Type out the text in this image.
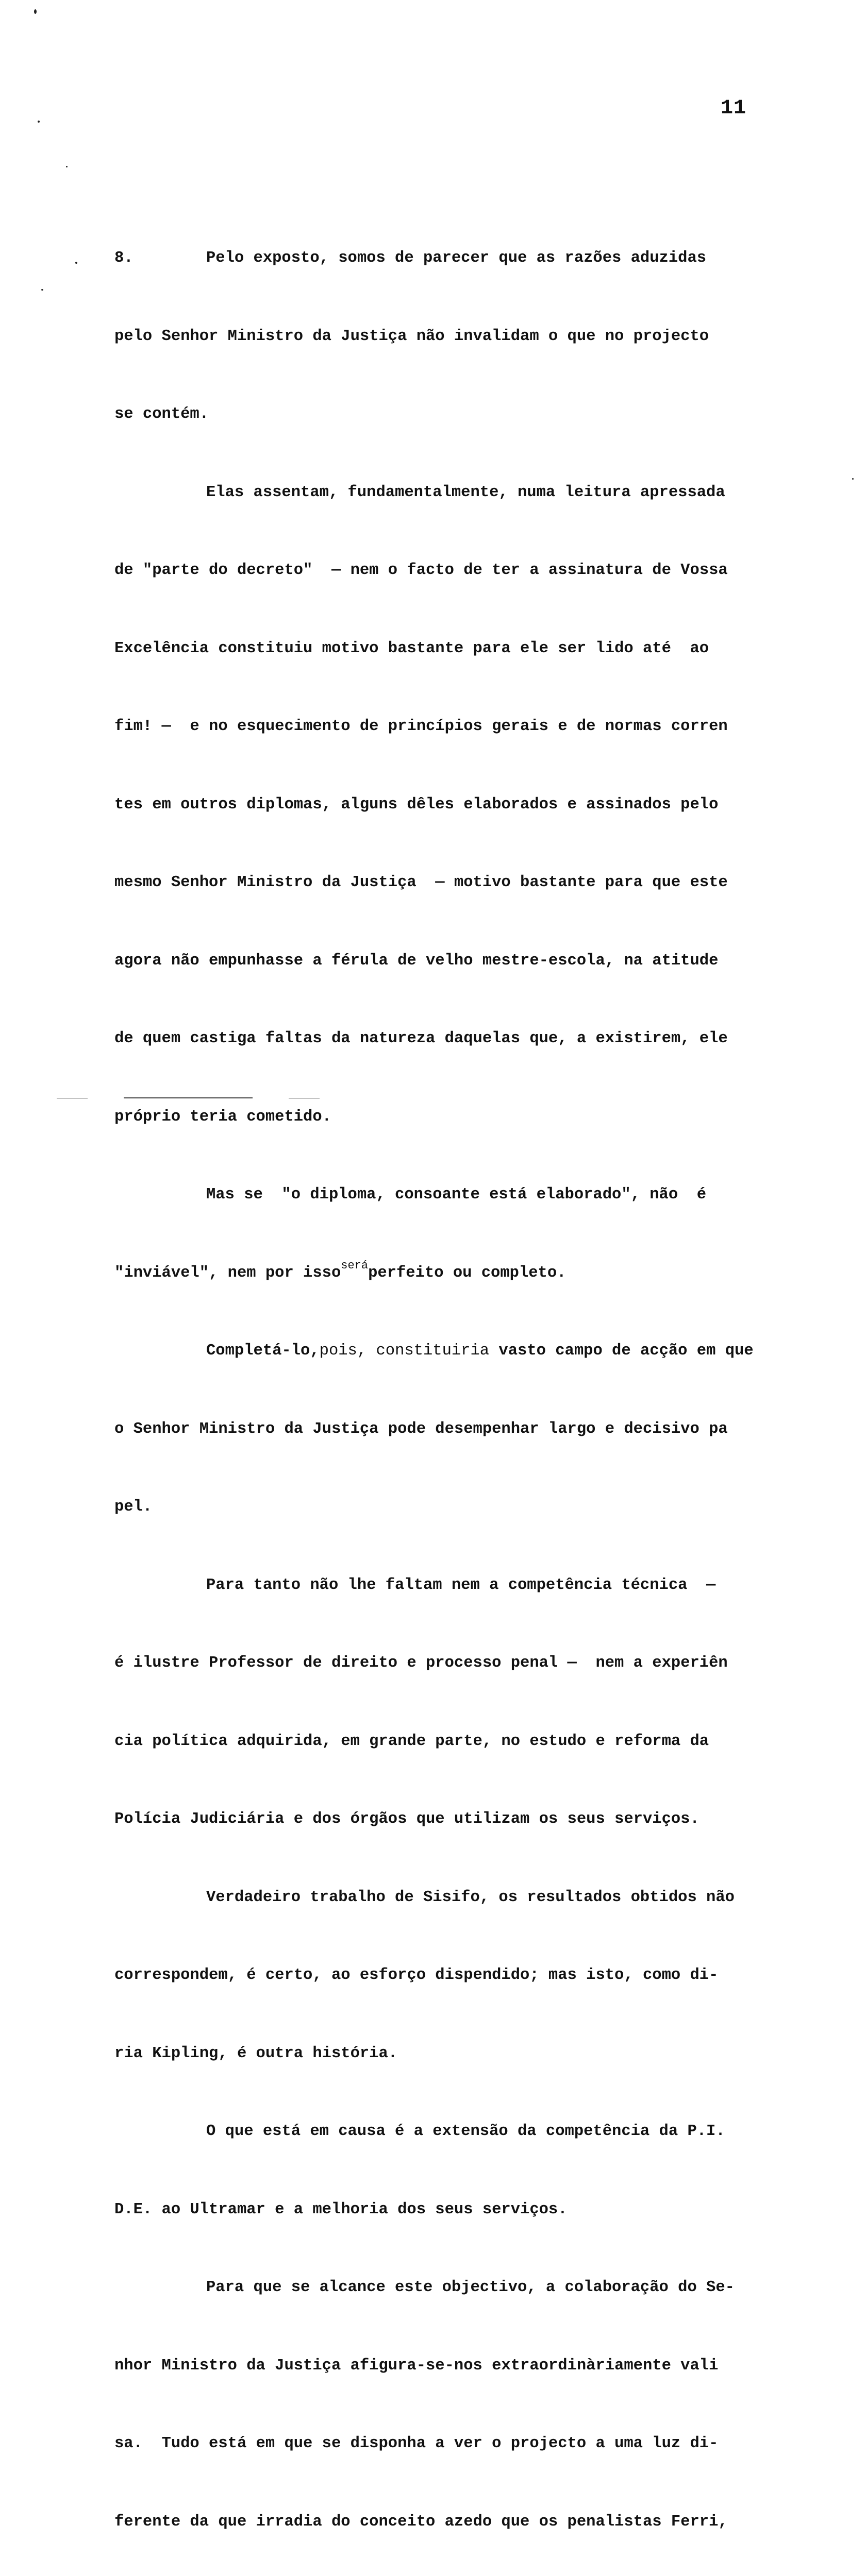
11

8.	Pelo exposto, somos de parecer que as razões aduzidas

pelo Senhor Ministro da Justiça não invalidam o que no projecto

se contém.

Elas assentam, fundamentalmente, numa leitura apressada

de "parte do decreto"  — nem o facto de ter a assinatura de Vossa

Excelência constituiu motivo bastante para ele ser lido até  ao

fim! —  e no esquecimento de princípios gerais e de normas corren

tes em outros diplomas, alguns dêles elaborados e assinados pelo

mesmo Senhor Ministro da Justiça  — motivo bastante para que este

agora não empunhasse a férula de velho mestre-escola, na atitude

de quem castiga faltas da natureza daquelas que, a existirem, ele

próprio teria cometido.

Mas se  "o diploma, consoante está elaborado", não  é

"inviável", nem por isso$^{será}$perfeito ou completo.

Completá-lo,pois, constituiria vasto campo de acção em que

o Senhor Ministro da Justiça pode desempenhar largo e decisivo pa

pel.

Para tanto não lhe faltam nem a competência técnica  —

é ilustre Professor de direito e processo penal —  nem a experiên

cia política adquirida, em grande parte, no estudo e reforma da

Polícia Judiciária e dos órgãos que utilizam os seus serviços.

Verdadeiro trabalho de Sisifo, os resultados obtidos não

correspondem, é certo, ao esforço dispendido; mas isto, como di-

ria Kipling, é outra história.

O que está em causa é a extensão da competência da P.I.

D.E. ao Ultramar e a melhoria dos seus serviços.

Para que se alcance este objectivo, a colaboração do Se-

nhor Ministro da Justiça afigura-se-nos extraordinàriamente vali

sa.  Tudo está em que se disponha a ver o projecto a uma luz di-

ferente da que irradia do conceito azedo que os penalistas Ferri,
